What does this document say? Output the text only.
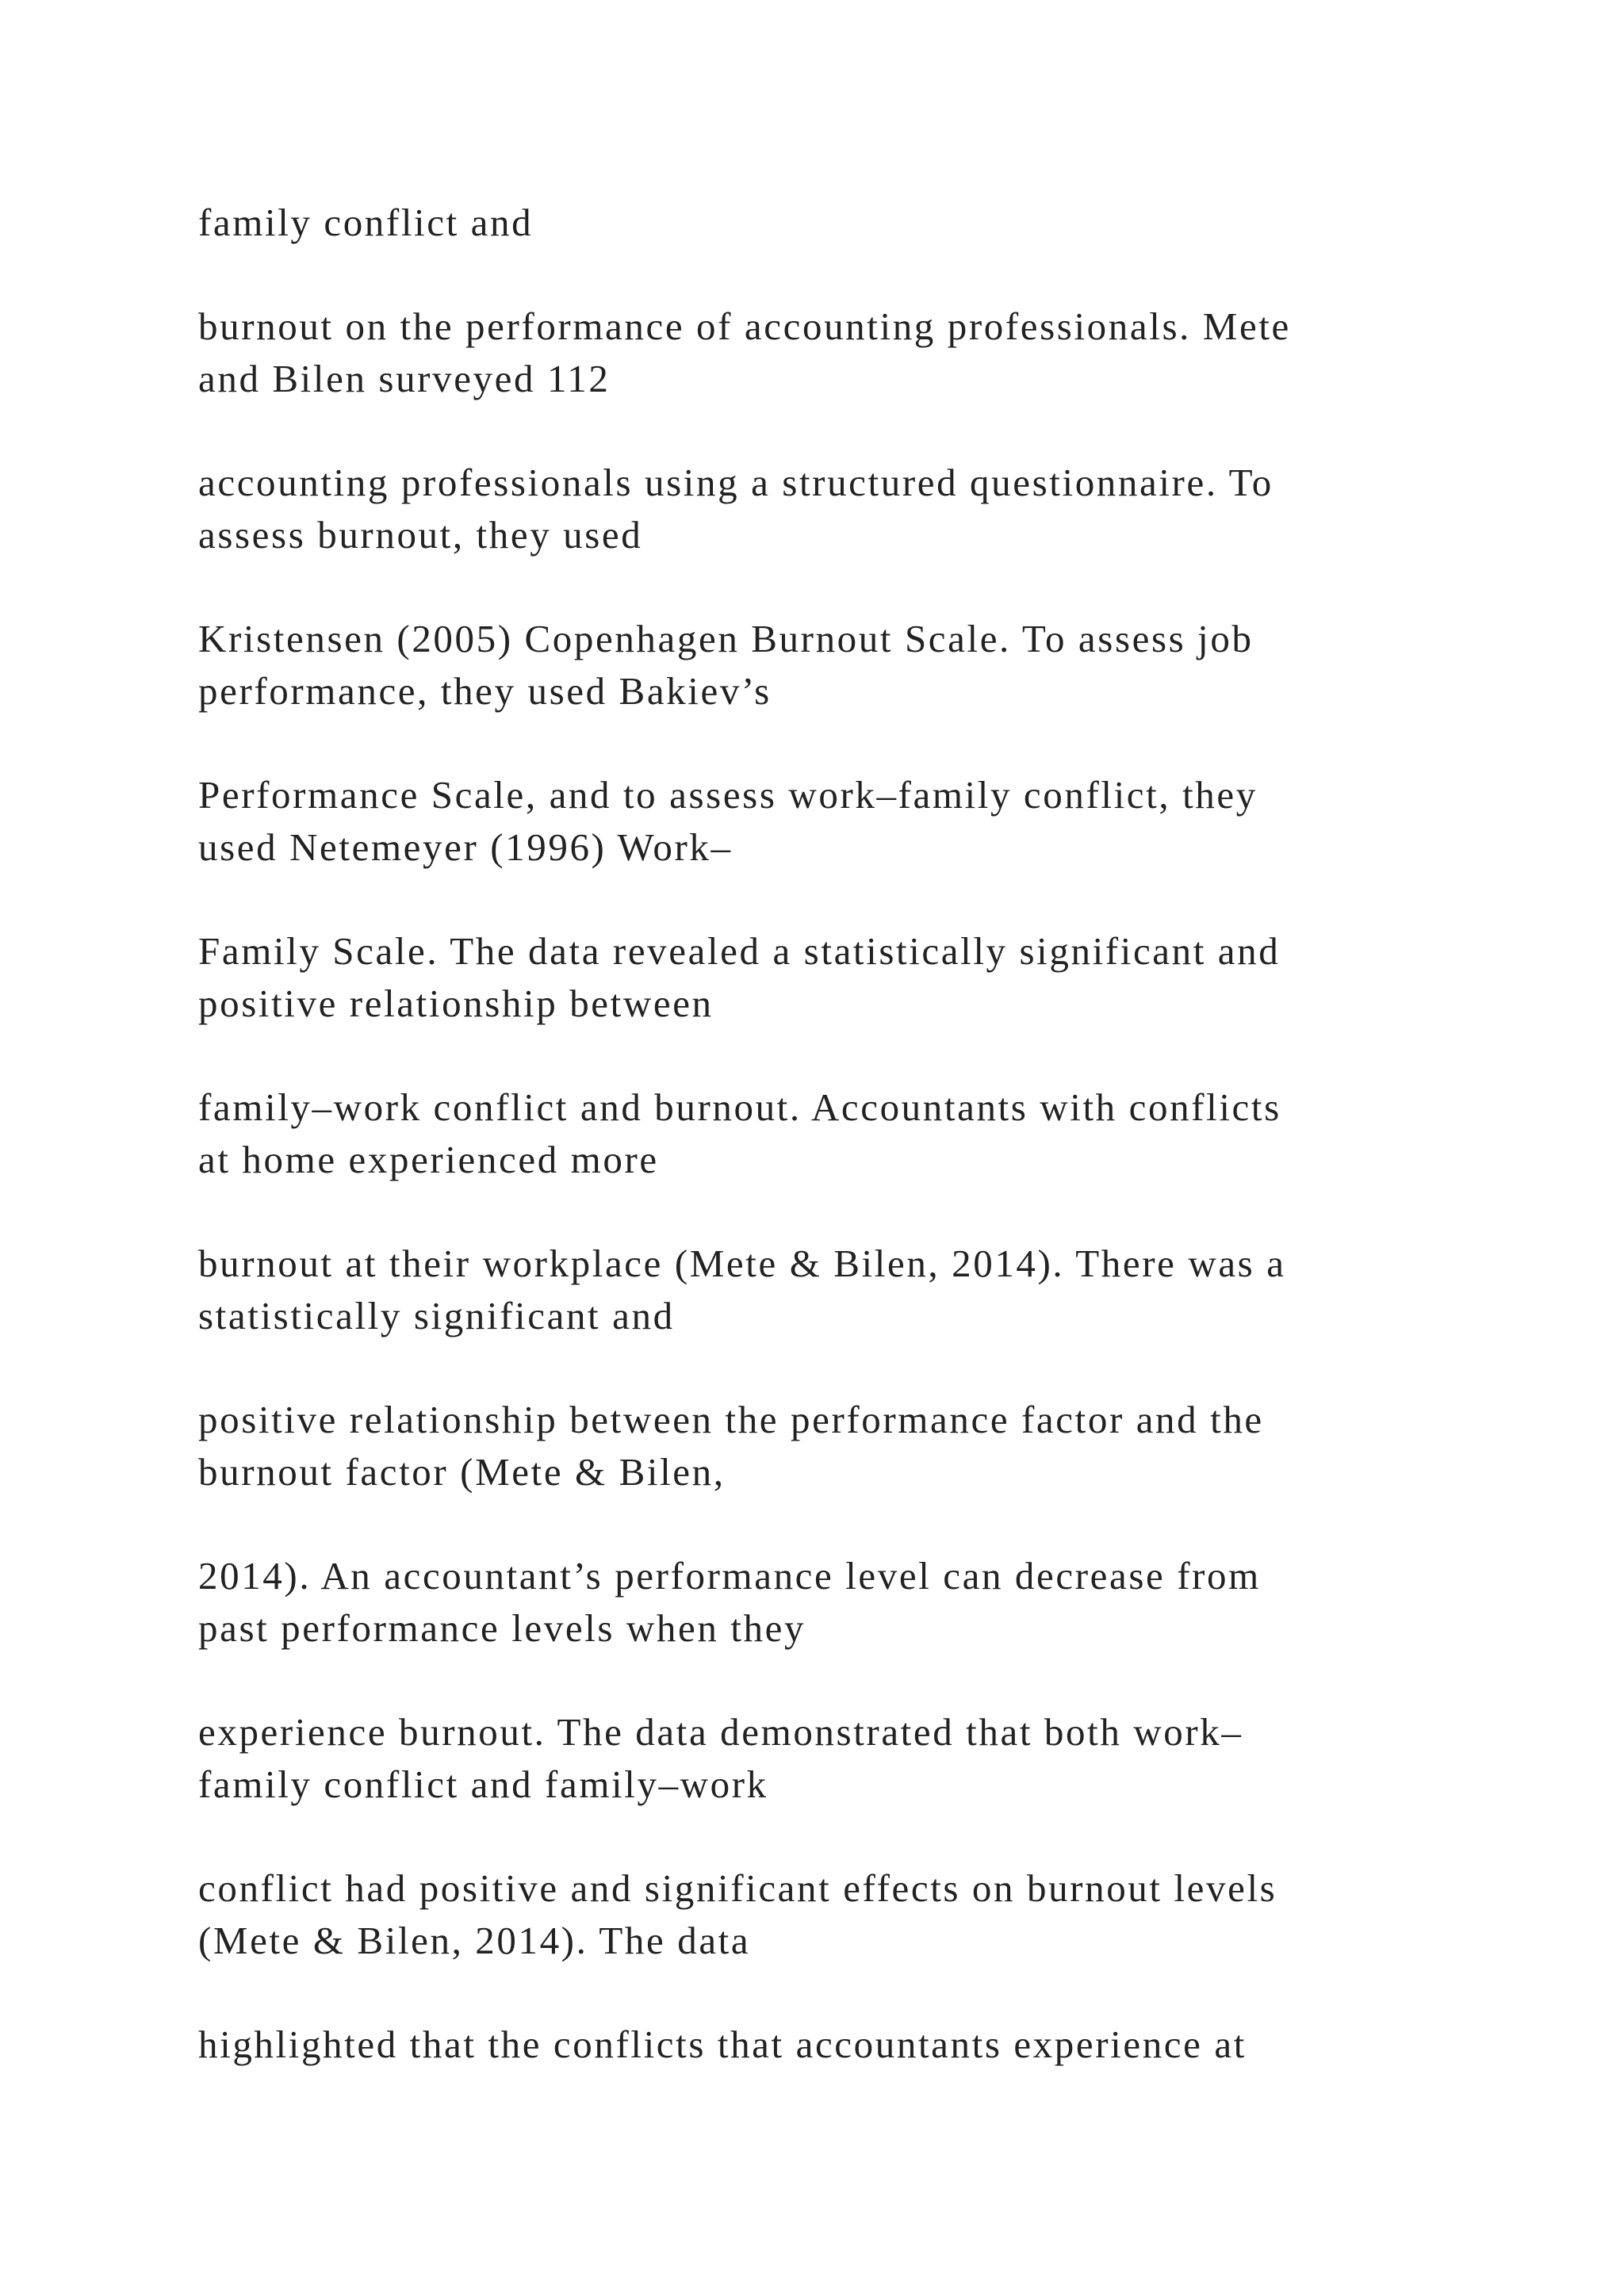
family conflict and

burnout on the performance of accounting professionals. Mete
and Bilen surveyed 112

accounting professionals using a structured questionnaire. To
assess burnout, they used

Kristensen (2005) Copenhagen Burnout Scale. To assess job
performance, they used Bakiev’s

Performance Scale, and to assess work–family conflict, they
used Netemeyer (1996) Work–

Family Scale. The data revealed a statistically significant and
positive relationship between

family–work conflict and burnout. Accountants with conflicts
at home experienced more

burnout at their workplace (Mete & Bilen, 2014). There was a
statistically significant and

positive relationship between the performance factor and the
burnout factor (Mete & Bilen,

2014). An accountant’s performance level can decrease from
past performance levels when they

experience burnout. The data demonstrated that both work–
family conflict and family–work

conflict had positive and significant effects on burnout levels
(Mete & Bilen, 2014). The data

highlighted that the conflicts that accountants experience at
